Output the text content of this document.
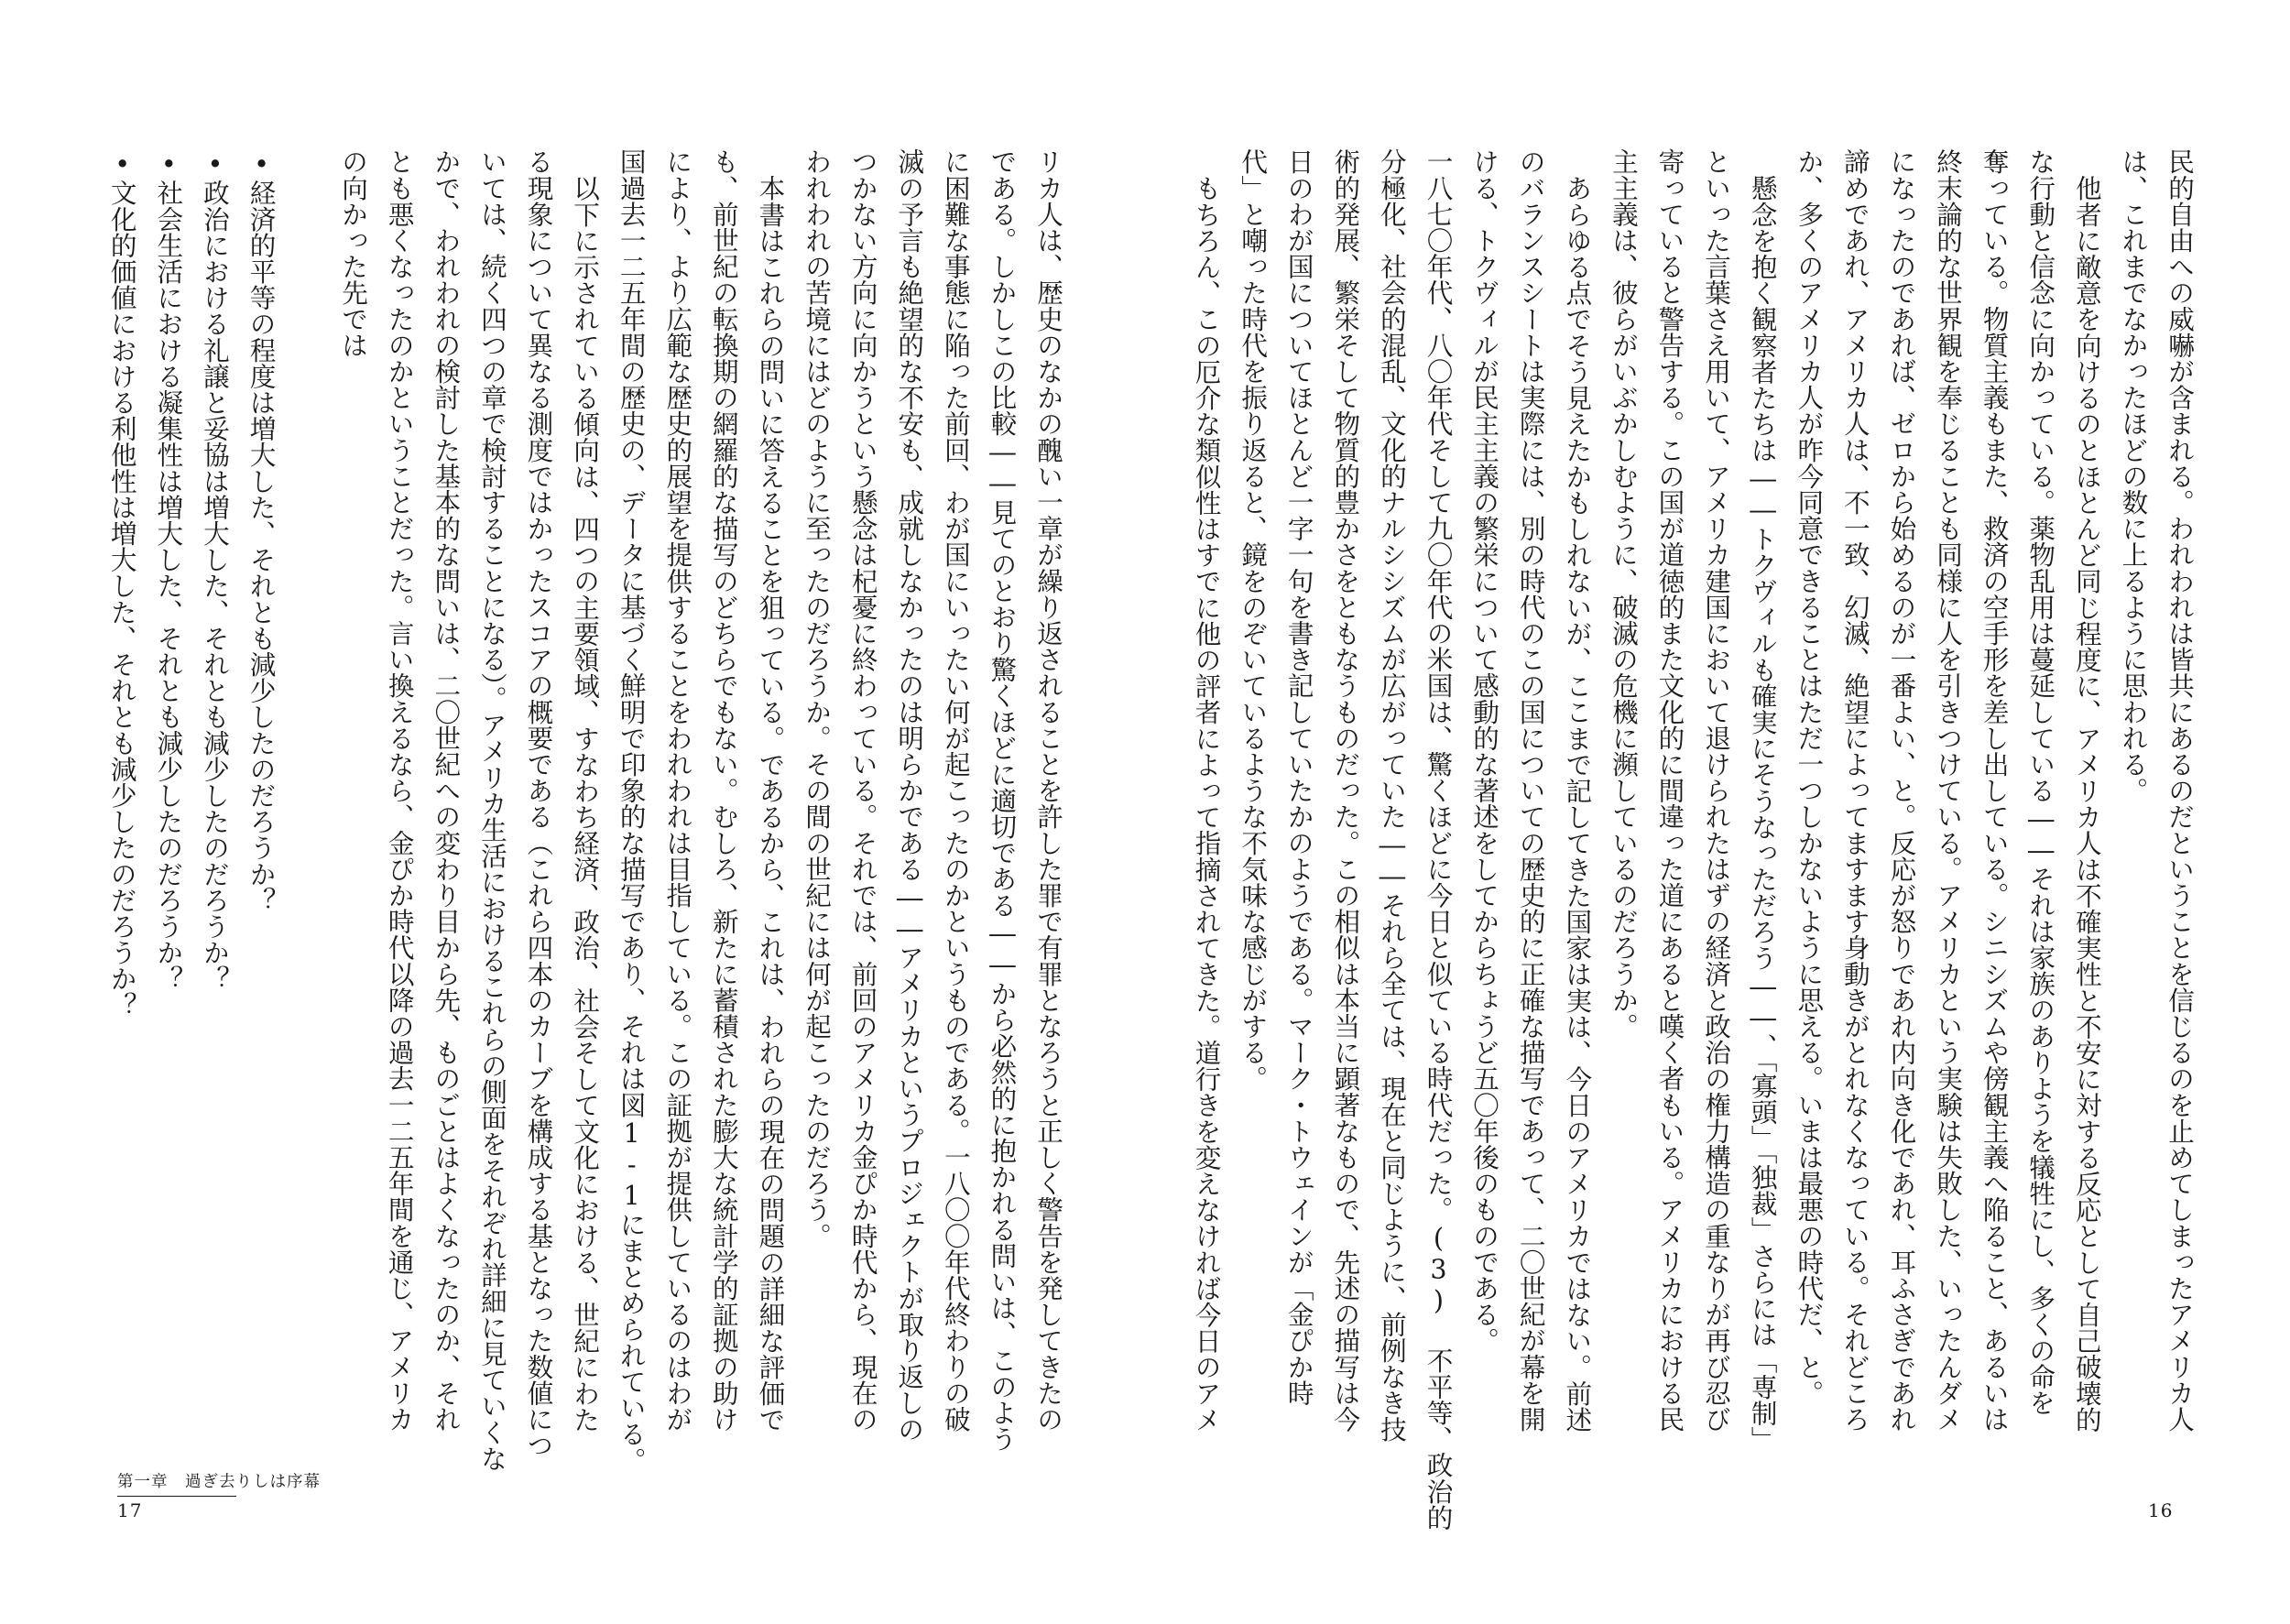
リカ人は、歴史のなかの醜い一章が繰り返されることを許した罪で有罪となろうと正しく警告を発してきたの

である。しかしこの比較――見てのとおり驚くほどに適切である――から必然的に抱かれる問いは、このよう

に困難な事態に陥った前回、わが国にいったい何が起こったのかというものである。一八〇〇年代終わりの破

滅の予言も絶望的な不安も、成就しなかったのは明らかである――アメリカというプロジェクトが取り返しの

つかない方向に向かうという懸念は杞憂に終わっている。それでは、前回のアメリカ金ぴか時代から、現在の

われわれの苦境にはどのように至ったのだろうか。その間の世紀には何が起こったのだろう。

本書はこれらの問いに答えることを狙っている。であるから、これは、われらの現在の問題の詳細な評価で

も、前世紀の転換期の網羅的な描写のどちらでもない。むしろ、新たに蓄積された膨大な統計学的証拠の助け

により、より広範な歴史的展望を提供することをわれわれは目指している。この証拠が提供しているのはわが

国過去一二五年間の歴史の、データに基づく鮮明で印象的な描写であり、それは図1-1にまとめられている。

以下に示されている傾向は、四つの主要領域、すなわち経済、政治、社会そして文化における、世紀にわた

る現象について異なる測度ではかったスコアの概要である（これら四本のカーブを構成する基となった数値につ

いては、続く四つの章で検討することになる）。アメリカ生活におけるこれらの側面をそれぞれ詳細に見ていくな

かで、われわれの検討した基本的な問いは、二〇世紀への変わり目から先、ものごとはよくなったのか、それ

とも悪くなったのかということだった。言い換えるなら、金ぴか時代以降の過去一二五年間を通じ、アメリカ

の向かった先では

•経済的平等の程度は増大した、それとも減少したのだろうか？

•政治における礼譲と妥協は増大した、それとも減少したのだろうか？

•社会生活における凝集性は増大した、それとも減少したのだろうか？

•文化的価値における利他性は増大した、それとも減少したのだろうか？

第一章　過ぎ去りしは序幕
17

民的自由への威嚇が含まれる。われわれは皆共にあるのだということを信じるのを止めてしまったアメリカ人

は、これまでなかったほどの数に上るように思われる。

他者に敵意を向けるのとほとんど同じ程度に、アメリカ人は不確実性と不安に対する反応として自己破壊的

な行動と信念に向かっている。薬物乱用は蔓延している――それは家族のありようを犠牲にし、多くの命を

奪っている。物質主義もまた、救済の空手形を差し出している。シニシズムや傍観主義へ陥ること、あるいは

終末論的な世界観を奉じることも同様に人を引きつけている。アメリカという実験は失敗した、いったんダメ

になったのであれば、ゼロから始めるのが一番よい、と。反応が怒りであれ内向き化であれ、耳ふさぎであれ

諦めであれ、アメリカ人は、不一致、幻滅、絶望によってますます身動きがとれなくなっている。それどころ

か、多くのアメリカ人が昨今同意できることはただ一つしかないように思える。いまは最悪の時代だ、と。

懸念を抱く観察者たちは――トクヴィルも確実にそうなっただろう――、「寡頭」「独裁」さらには「専制」

といった言葉さえ用いて、アメリカ建国において退けられたはずの経済と政治の権力構造の重なりが再び忍び

寄っていると警告する。この国が道徳的また文化的に間違った道にあると嘆く者もいる。アメリカにおける民

主主義は、彼らがいぶかしむように、破滅の危機に瀕しているのだろうか。

あらゆる点でそう見えたかもしれないが、ここまで記してきた国家は実は、今日のアメリカではない。前述

のバランスシートは実際には、別の時代のこの国についての歴史的に正確な描写であって、二〇世紀が幕を開

ける、トクヴィルが民主主義の繁栄について感動的な著述をしてからちょうど五〇年後のものである。

一八七〇年代、八〇年代そして九〇年代の米国は、驚くほどに今日と似ている時代だった。(3) 不平等、政治的

分極化、社会的混乱、文化的ナルシシズムが広がっていた――それら全ては、現在と同じように、前例なき技

術的発展、繁栄そして物質的豊かさをともなうものだった。この相似は本当に顕著なもので、先述の描写は今

日のわが国についてほとんど一字一句を書き記していたかのようである。マーク・トウェインが「金ぴか時

代」と嘲った時代を振り返ると、鏡をのぞいているような不気味な感じがする。

もちろん、この厄介な類似性はすでに他の評者によって指摘されてきた。道行きを変えなければ今日のアメ

16
